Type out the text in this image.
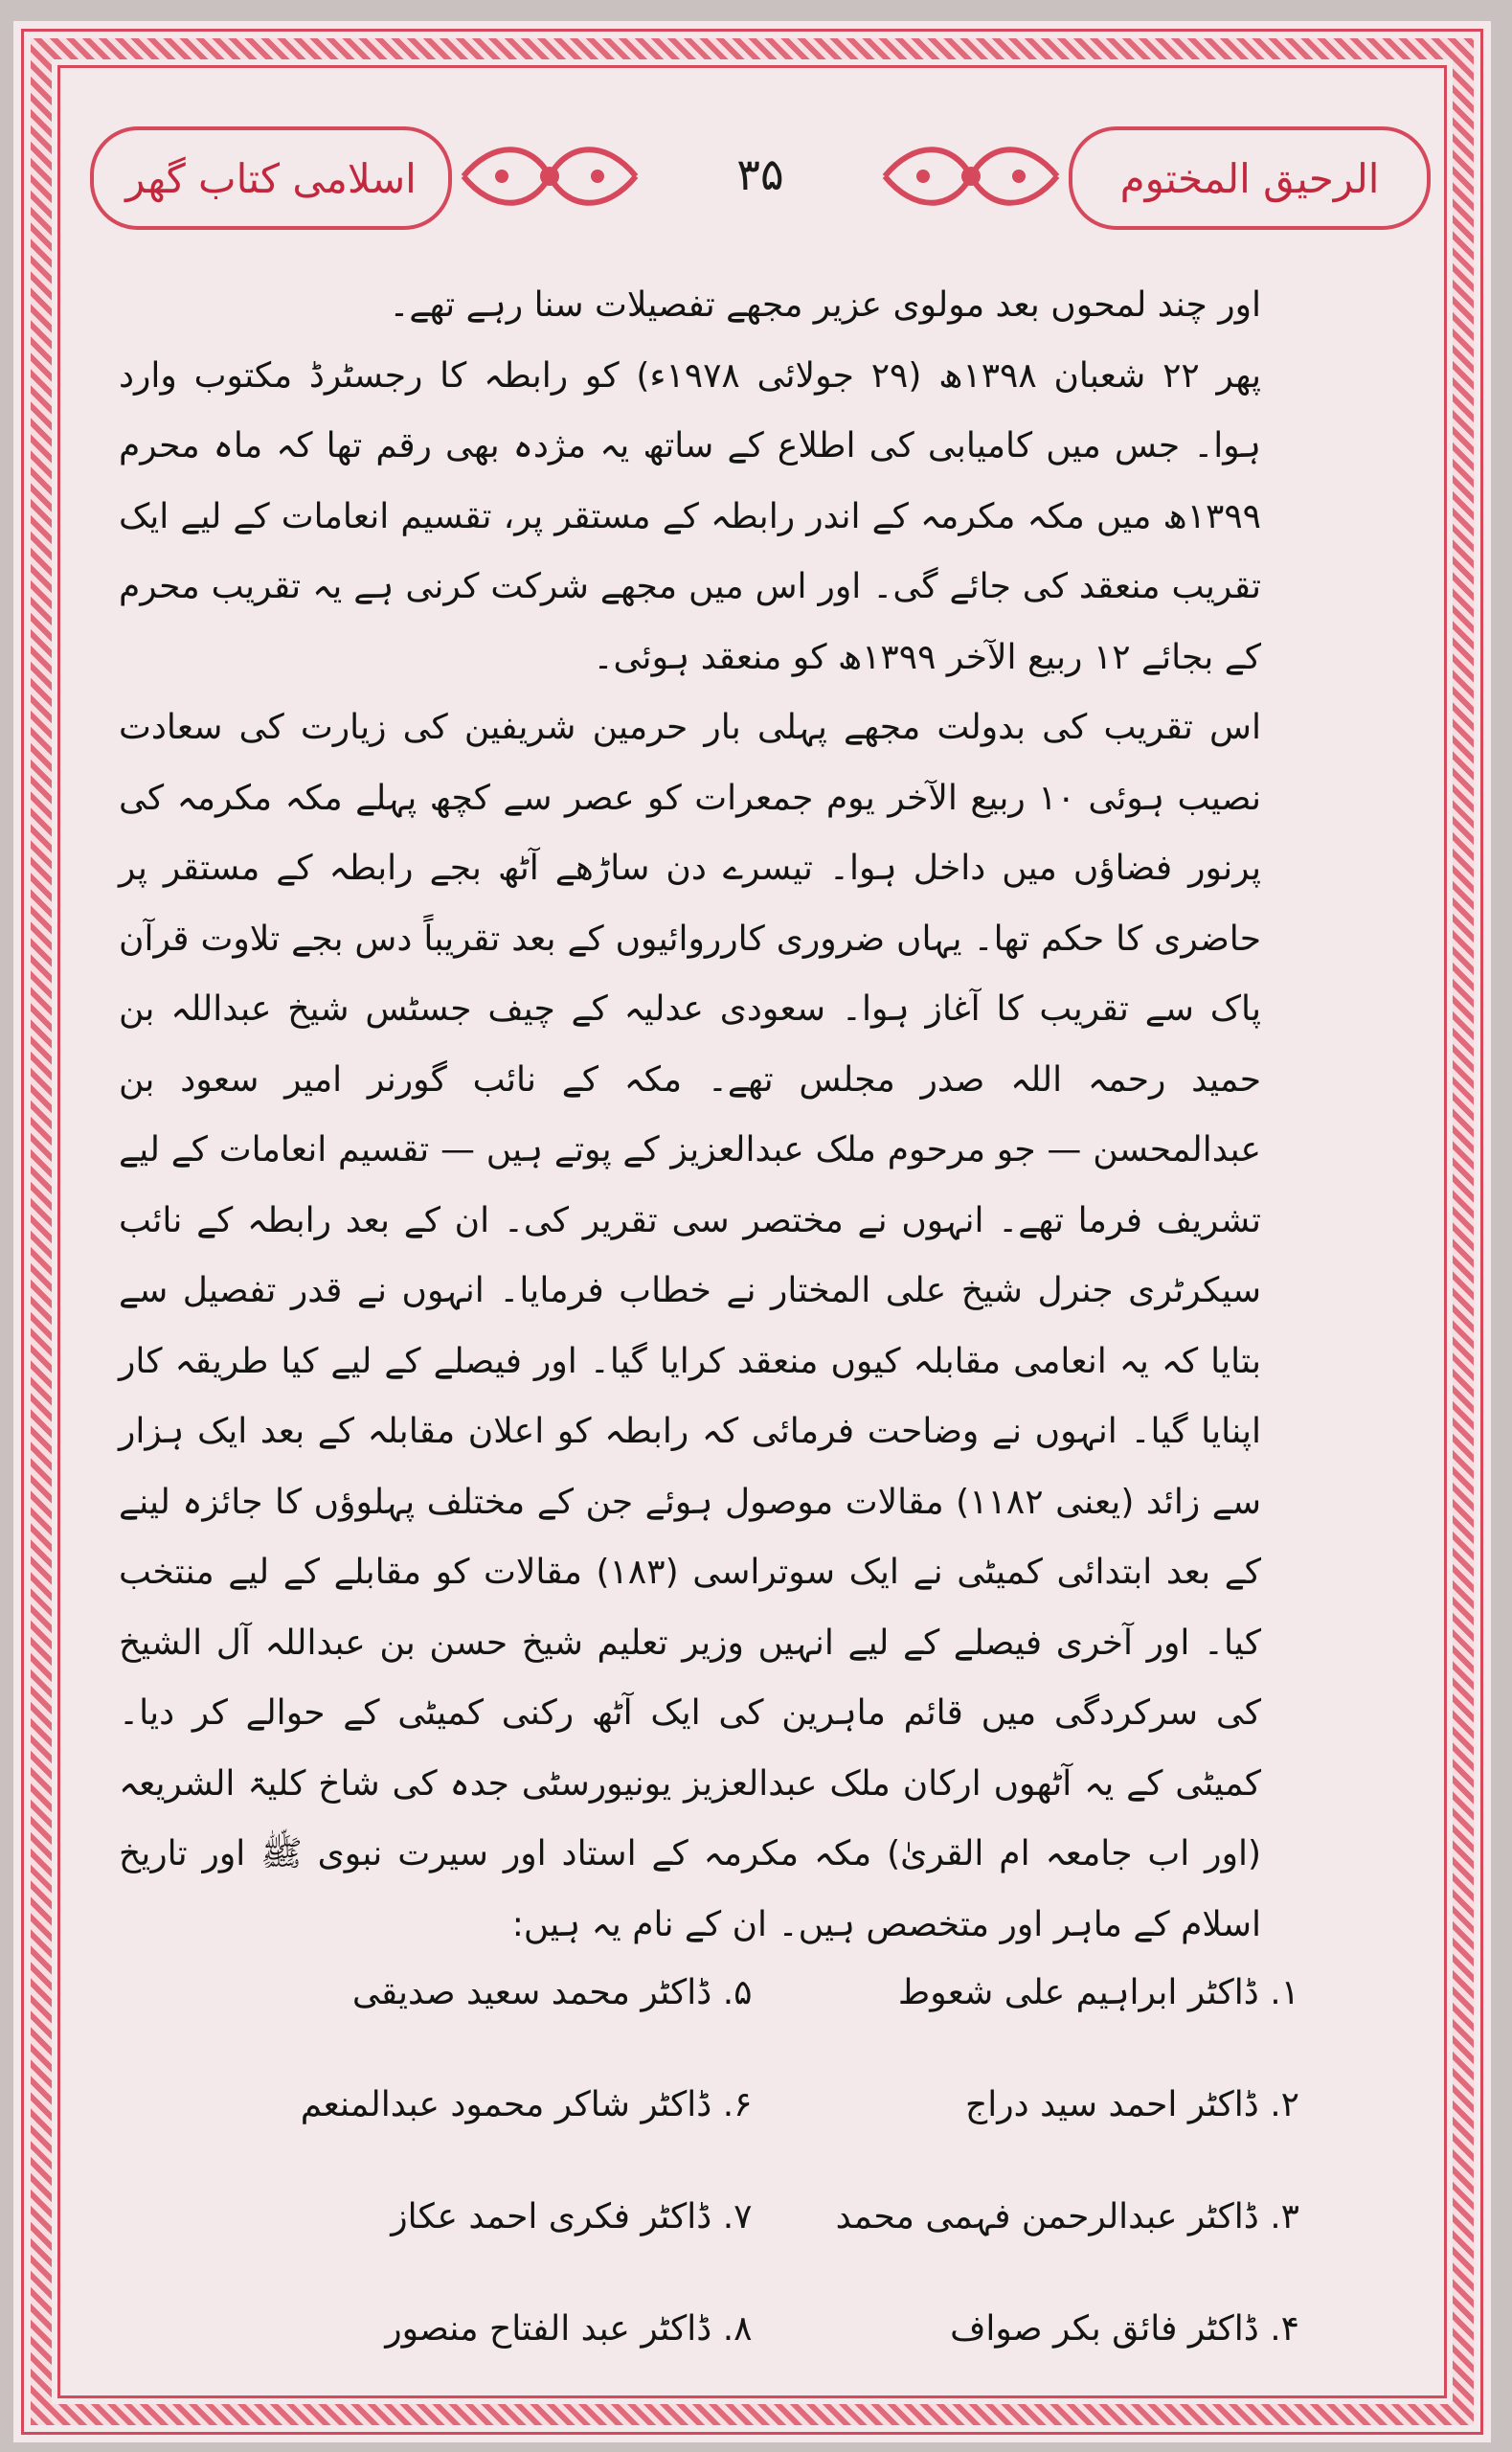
الرحیق المختوم
۳۵
اسلامی کتاب گھر

اور چند لمحوں بعد مولوی عزیر مجھے تفصیلات سنا رہے تھے۔

پھر ۲۲ شعبان ۱۳۹۸ھ (۲۹ جولائی ۱۹۷۸ء) کو رابطہ کا رجسٹرڈ مکتوب وارد ہوا۔ جس میں کامیابی کی اطلاع کے ساتھ یہ مژدہ بھی رقم تھا کہ ماہ محرم ۱۳۹۹ھ میں مکہ مکرمہ کے اندر رابطہ کے مستقر پر، تقسیم انعامات کے لیے ایک تقریب منعقد کی جائے گی۔ اور اس میں مجھے شرکت کرنی ہے یہ تقریب محرم کے بجائے ۱۲ ربیع الآخر ۱۳۹۹ھ کو منعقد ہوئی۔

اس تقریب کی بدولت مجھے پہلی بار حرمین شریفین کی زیارت کی سعادت نصیب ہوئی ۱۰ ربیع الآخر یوم جمعرات کو عصر سے کچھ پہلے مکہ مکرمہ کی پرنور فضاؤں میں داخل ہوا۔ تیسرے دن ساڑھے آٹھ بجے رابطہ کے مستقر پر حاضری کا حکم تھا۔ یہاں ضروری کارروائیوں کے بعد تقریباً دس بجے تلاوت قرآن پاک سے تقریب کا آغاز ہوا۔ سعودی عدلیہ کے چیف جسٹس شیخ عبداللہ بن حمید رحمہ اللہ صدر مجلس تھے۔ مکہ کے نائب گورنر امیر سعود بن عبدالمحسن — جو مرحوم ملک عبدالعزیز کے پوتے ہیں — تقسیم انعامات کے لیے تشریف فرما تھے۔ انہوں نے مختصر سی تقریر کی۔ ان کے بعد رابطہ کے نائب سیکرٹری جنرل شیخ علی المختار نے خطاب فرمایا۔ انہوں نے قدر تفصیل سے بتایا کہ یہ انعامی مقابلہ کیوں منعقد کرایا گیا۔ اور فیصلے کے لیے کیا طریقہ کار اپنایا گیا۔ انہوں نے وضاحت فرمائی کہ رابطہ کو اعلان مقابلہ کے بعد ایک ہزار سے زائد (یعنی ۱۱۸۲) مقالات موصول ہوئے جن کے مختلف پہلوؤں کا جائزہ لینے کے بعد ابتدائی کمیٹی نے ایک سوتراسی (۱۸۳) مقالات کو مقابلے کے لیے منتخب کیا۔ اور آخری فیصلے کے لیے انہیں وزیر تعلیم شیخ حسن بن عبداللہ آل الشیخ کی سرکردگی میں قائم ماہرین کی ایک آٹھ رکنی کمیٹی کے حوالے کر دیا۔ کمیٹی کے یہ آٹھوں ارکان ملک عبدالعزیز یونیورسٹی جدہ کی شاخ کلیۃ الشریعہ (اور اب جامعہ ام القریٰ) مکہ مکرمہ کے استاد اور سیرت نبوی ﷺ اور تاریخ اسلام کے ماہر اور متخصص ہیں۔ ان کے نام یہ ہیں:

۱. ڈاکٹر ابراہیم علی شعوط
۲. ڈاکٹر احمد سید دراج
۳. ڈاکٹر عبدالرحمن فہمی محمد
۴. ڈاکٹر فائق بکر صواف
۵. ڈاکٹر محمد سعید صدیقی
۶. ڈاکٹر شاکر محمود عبدالمنعم
۷. ڈاکٹر فکری احمد عکاز
۸. ڈاکٹر عبد الفتاح منصور
